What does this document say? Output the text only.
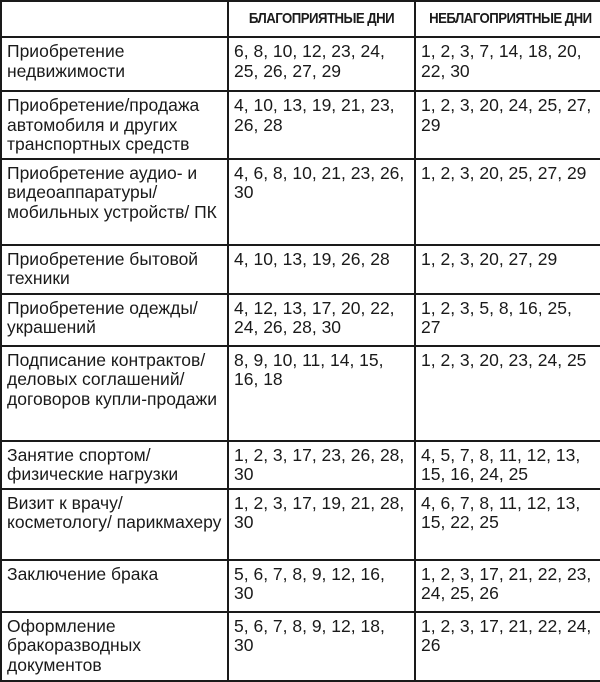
	БЛАГОПРИЯТНЫЕ ДНИ	НЕБЛАГОПРИЯТНЫЕ ДНИ
Приобретение недвижимости	6, 8, 10, 12, 23, 24, 25, 26, 27, 29	1, 2, 3, 7, 14, 18, 20, 22, 30
Приобретение/продажа автомобиля и других транспортных средств	4, 10, 13, 19, 21, 23, 26, 28	1, 2, 3, 20, 24, 25, 27, 29
Приобретение аудио- и видеоаппаратуры/ мобильных устройств/ ПК	4, 6, 8, 10, 21, 23, 26, 30	1, 2, 3, 20, 25, 27, 29
Приобретение бытовой техники	4, 10, 13, 19, 26, 28	1, 2, 3, 20, 27, 29
Приобретение одежды/ украшений	4, 12, 13, 17, 20, 22, 24, 26, 28, 30	1, 2, 3, 5, 8, 16, 25, 27
Подписание контрактов/ деловых соглашений/ договоров купли-продажи	8, 9, 10, 11, 14, 15, 16, 18	1, 2, 3, 20, 23, 24, 25
Занятие спортом/ физические нагрузки	1, 2, 3, 17, 23, 26, 28, 30	4, 5, 7, 8, 11, 12, 13, 15, 16, 24, 25
Визит к врачу/ косметологу/ парикмахеру	1, 2, 3, 17, 19, 21, 28, 30	4, 6, 7, 8, 11, 12, 13, 15, 22, 25
Заключение брака	5, 6, 7, 8, 9, 12, 16, 30	1, 2, 3, 17, 21, 22, 23, 24, 25, 26
Оформление бракоразводных документов	5, 6, 7, 8, 9, 12, 18, 30	1, 2, 3, 17, 21, 22, 24, 26
